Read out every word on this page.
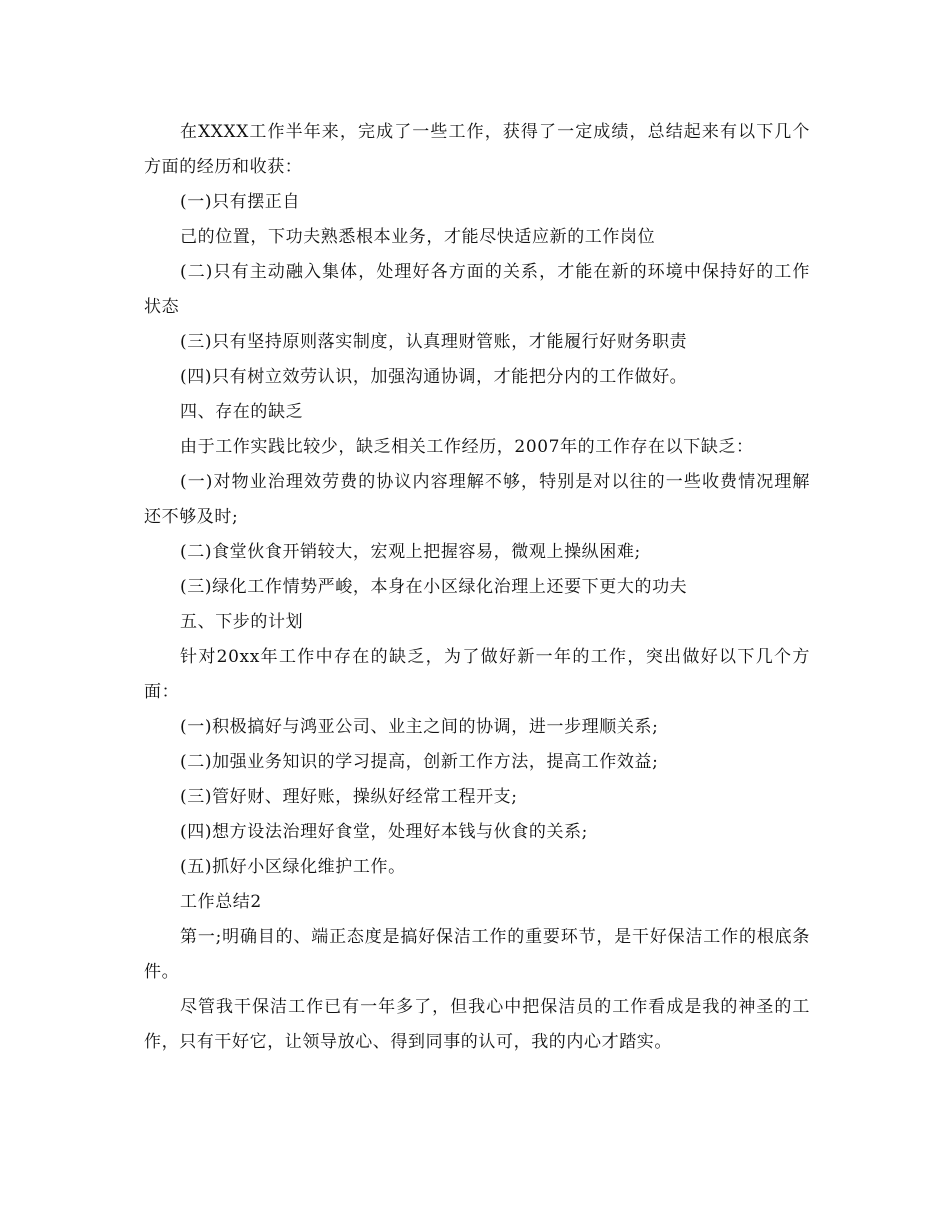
在XXXX工作半年来，完成了一些工作，获得了一定成绩，总结起来有以下几个方面的经历和收获：

(一)只有摆正自

己的位置，下功夫熟悉根本业务，才能尽快适应新的工作岗位

(二)只有主动融入集体，处理好各方面的关系，才能在新的环境中保持好的工作状态

(三)只有坚持原则落实制度，认真理财管账，才能履行好财务职责

(四)只有树立效劳认识，加强沟通协调，才能把分内的工作做好。

四、存在的缺乏

由于工作实践比较少，缺乏相关工作经历，2007年的工作存在以下缺乏：

(一)对物业治理效劳费的协议内容理解不够，特别是对以往的一些收费情况理解还不够及时;

(二)食堂伙食开销较大，宏观上把握容易，微观上操纵困难;

(三)绿化工作情势严峻，本身在小区绿化治理上还要下更大的功夫

五、下步的计划

针对20xx年工作中存在的缺乏，为了做好新一年的工作，突出做好以下几个方面：

(一)积极搞好与鸿亚公司、业主之间的协调，进一步理顺关系;

(二)加强业务知识的学习提高，创新工作方法，提高工作效益;

(三)管好财、理好账，操纵好经常工程开支;

(四)想方设法治理好食堂，处理好本钱与伙食的关系;

(五)抓好小区绿化维护工作。

工作总结2

第一;明确目的、端正态度是搞好保洁工作的重要环节，是干好保洁工作的根底条件。

尽管我干保洁工作已有一年多了，但我心中把保洁员的工作看成是我的神圣的工作，只有干好它，让领导放心、得到同事的认可，我的内心才踏实。
